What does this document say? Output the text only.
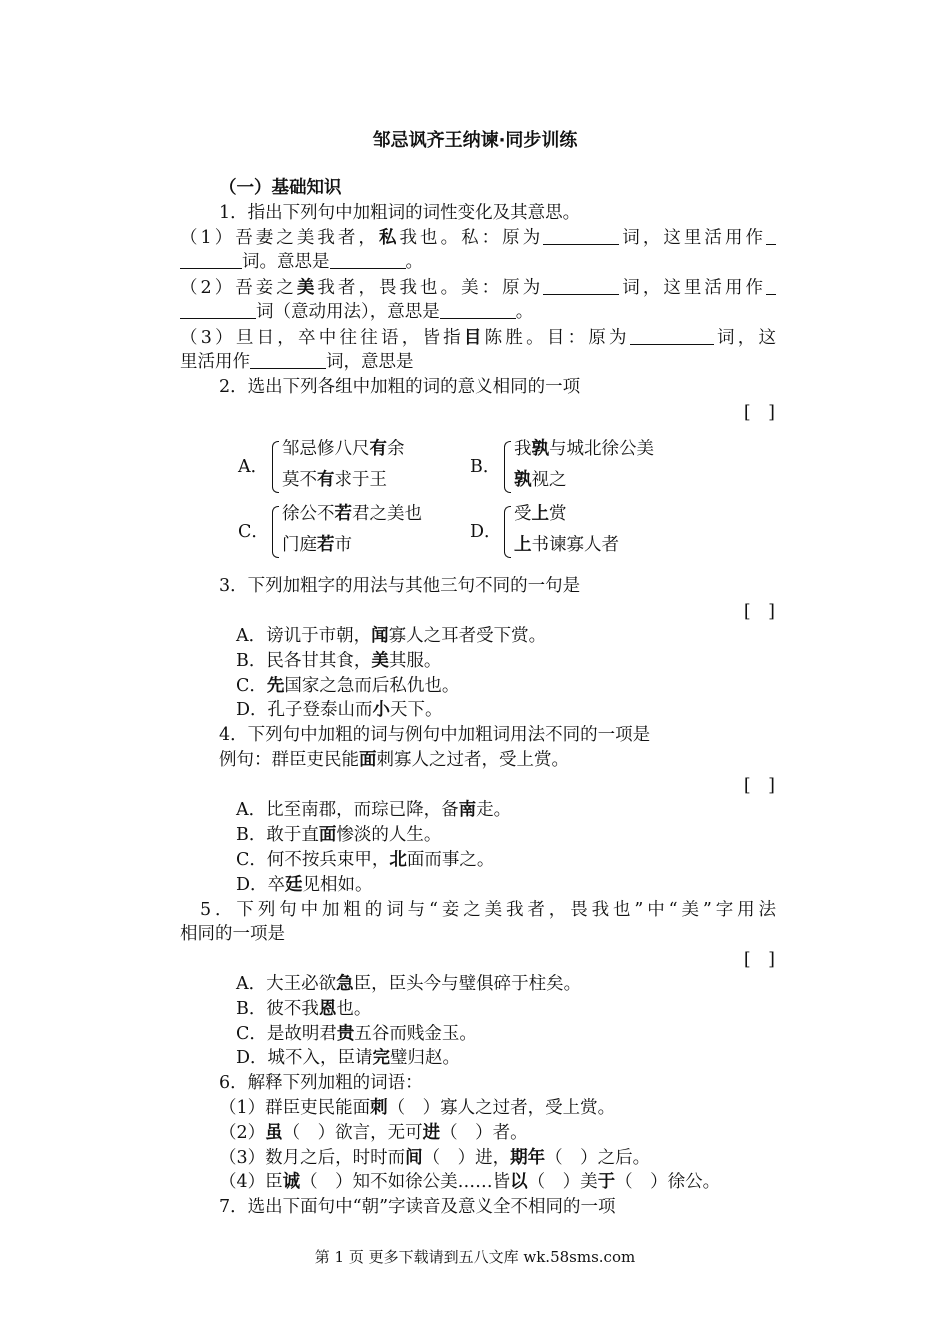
邹忌讽齐王纳谏·同步训练
（一）基础知识
1．指出下列句中加粗词的词性变化及其意思。
（1）吾妻之美我者，私我也。私：原为	词，这里活用作
词。意思是	。
（2）吾妾之美我者，畏我也。美：原为	词，这里活用作
词（意动用法），意思是	。
（3）旦日，卒中往往语，皆指目陈胜。目：原为	词，这
里活用作	词，意思是
2．选出下列各组中加粗的词的意义相同的一项
[　]
A．
邹忌修八尺有余
莫不有求于王
B．
我孰与城北徐公美
孰视之
C．
徐公不若君之美也
门庭若市
D．
受上赏
上书谏寡人者
3．下列加粗字的用法与其他三句不同的一句是
[　]
A．谤讥于市朝，闻寡人之耳者受下赏。
B．民各甘其食，美其服。
C．先国家之急而后私仇也。
D．孔子登泰山而小天下。
4．下列句中加粗的词与例句中加粗词用法不同的一项是
例句：群臣吏民能面刺寡人之过者，受上赏。
[　]
A．比至南郡，而琮已降，备南走。
B．敢于直面惨淡的人生。
C．何不按兵束甲，北面而事之。
D．卒廷见相如。
5．下列句中加粗的词与“妾之美我者，畏我也”中“美”字用法
相同的一项是
[　]
A．大王必欲急臣，臣头今与璧俱碎于柱矣。
B．彼不我恩也。
C．是故明君贵五谷而贱金玉。
D．城不入，臣请完璧归赵。
6．解释下列加粗的词语：
（1）群臣吏民能面刺（　）寡人之过者，受上赏。
（2）虽（　）欲言，无可进（　）者。
（3）数月之后，时时而间（　）进，期年（　）之后。
（4）臣诚（　）知不如徐公美……皆以（　）美于（　）徐公。
7．选出下面句中“朝”字读音及意义全不相同的一项
第 1 页 更多下载请到五八文库 wk.58sms.com
